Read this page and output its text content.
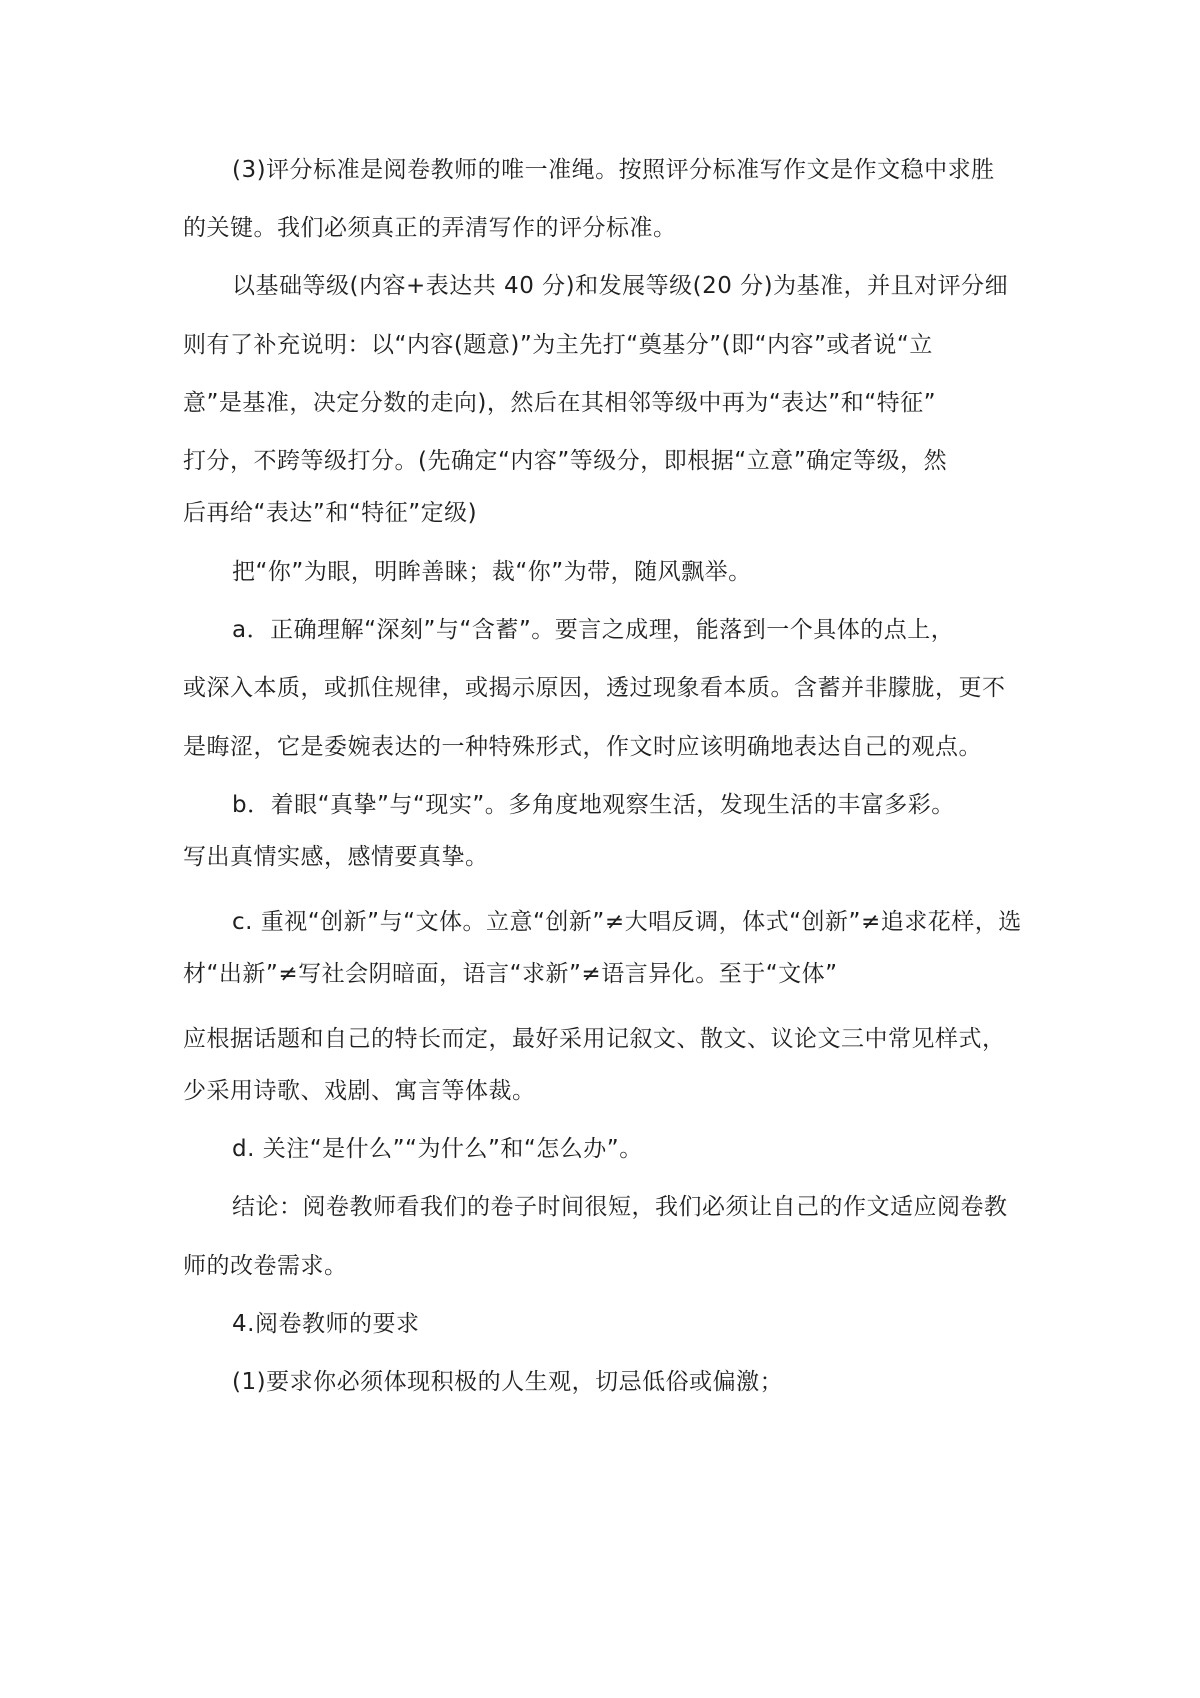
(3)评分标准是阅卷教师的唯一准绳。按照评分标准写作文是作文稳中求胜
的关键。我们必须真正的弄清写作的评分标准。
以基础等级(内容+表达共 40 分)和发展等级(20 分)为基准，并且对评分细
则有了补充说明：以“内容(题意)”为主先打“奠基分”(即“内容”或者说“立
意”是基准，决定分数的走向)，然后在其相邻等级中再为“表达”和“特征”
打分，不跨等级打分。(先确定“内容”等级分，即根据“立意”确定等级，然
后再给“表达”和“特征”定级)
把“你”为眼，明眸善睐；裁“你”为带，随风飘举。
a．正确理解“深刻”与“含蓄”。要言之成理，能落到一个具体的点上，
或深入本质，或抓住规律，或揭示原因，透过现象看本质。含蓄并非朦胧，更不
是晦涩，它是委婉表达的一种特殊形式，作文时应该明确地表达自己的观点。
b．着眼“真挚”与“现实”。多角度地观察生活，发现生活的丰富多彩。
写出真情实感，感情要真挚。
c. 重视“创新”与“文体。立意“创新”≠大唱反调，体式“创新”≠追求花样，选
材“出新”≠写社会阴暗面，语言“求新”≠语言异化。至于“文体”
应根据话题和自己的特长而定，最好采用记叙文、散文、议论文三中常见样式，
少采用诗歌、戏剧、寓言等体裁。
d. 关注“是什么”“为什么”和“怎么办”。
结论：阅卷教师看我们的卷子时间很短，我们必须让自己的作文适应阅卷教
师的改卷需求。
4.阅卷教师的要求
(1)要求你必须体现积极的人生观，切忌低俗或偏激；
